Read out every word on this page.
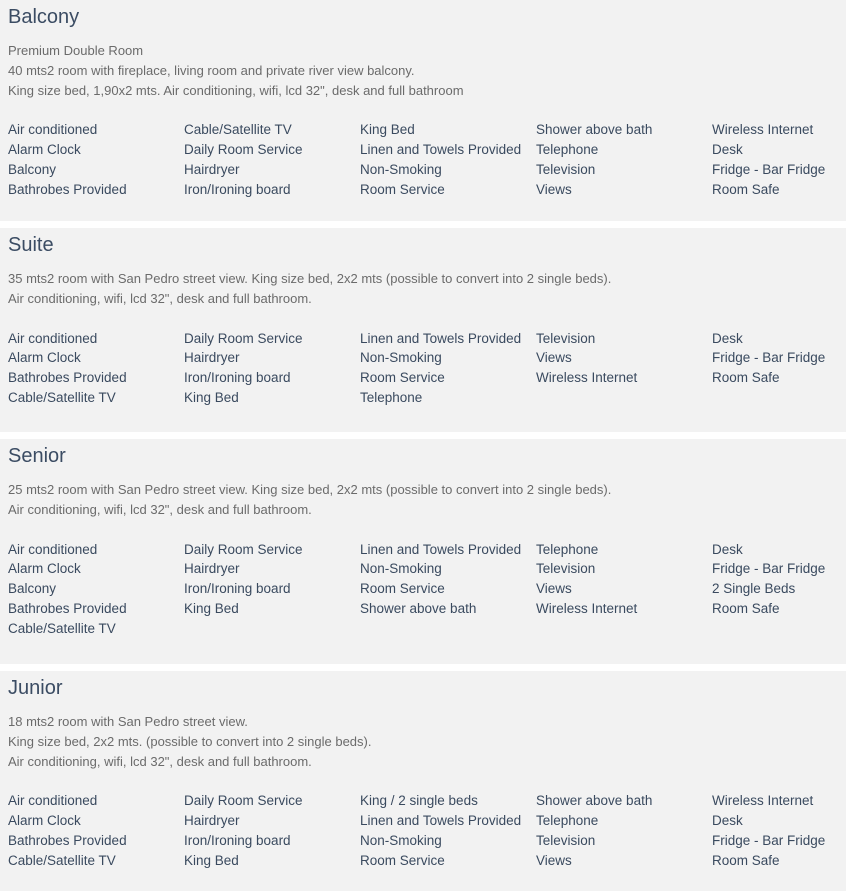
Balcony
Premium Double Room
40 mts2 room with fireplace, living room and private river view balcony.
King size bed, 1,90x2 mts. Air conditioning, wifi, lcd 32", desk and full bathroom
Air conditioned
Alarm Clock
Balcony
Bathrobes Provided
Cable/Satellite TV
Daily Room Service
Hairdryer
Iron/Ironing board
King Bed
Linen and Towels Provided
Non-Smoking
Room Service
Shower above bath
Telephone
Television
Views
Wireless Internet
Desk
Fridge - Bar Fridge
Room Safe
Suite
35 mts2 room with San Pedro street view. King size bed, 2x2 mts (possible to convert into 2 single beds).
Air conditioning, wifi, lcd 32", desk and full bathroom.
Air conditioned
Alarm Clock
Bathrobes Provided
Cable/Satellite TV
Daily Room Service
Hairdryer
Iron/Ironing board
King Bed
Linen and Towels Provided
Non-Smoking
Room Service
Telephone
Television
Views
Wireless Internet
Desk
Fridge - Bar Fridge
Room Safe
Senior
25 mts2 room with San Pedro street view. King size bed, 2x2 mts (possible to convert into 2 single beds).
Air conditioning, wifi, lcd 32", desk and full bathroom.
Air conditioned
Alarm Clock
Balcony
Bathrobes Provided
Cable/Satellite TV
Daily Room Service
Hairdryer
Iron/Ironing board
King Bed
Linen and Towels Provided
Non-Smoking
Room Service
Shower above bath
Telephone
Television
Views
Wireless Internet
Desk
Fridge - Bar Fridge
2 Single Beds
Room Safe
Junior
18 mts2 room with San Pedro street view.
King size bed, 2x2 mts. (possible to convert into 2 single beds).
Air conditioning, wifi, lcd 32", desk and full bathroom.
Air conditioned
Alarm Clock
Bathrobes Provided
Cable/Satellite TV
Daily Room Service
Hairdryer
Iron/Ironing board
King Bed
King / 2 single beds
Linen and Towels Provided
Non-Smoking
Room Service
Shower above bath
Telephone
Television
Views
Wireless Internet
Desk
Fridge - Bar Fridge
Room Safe
